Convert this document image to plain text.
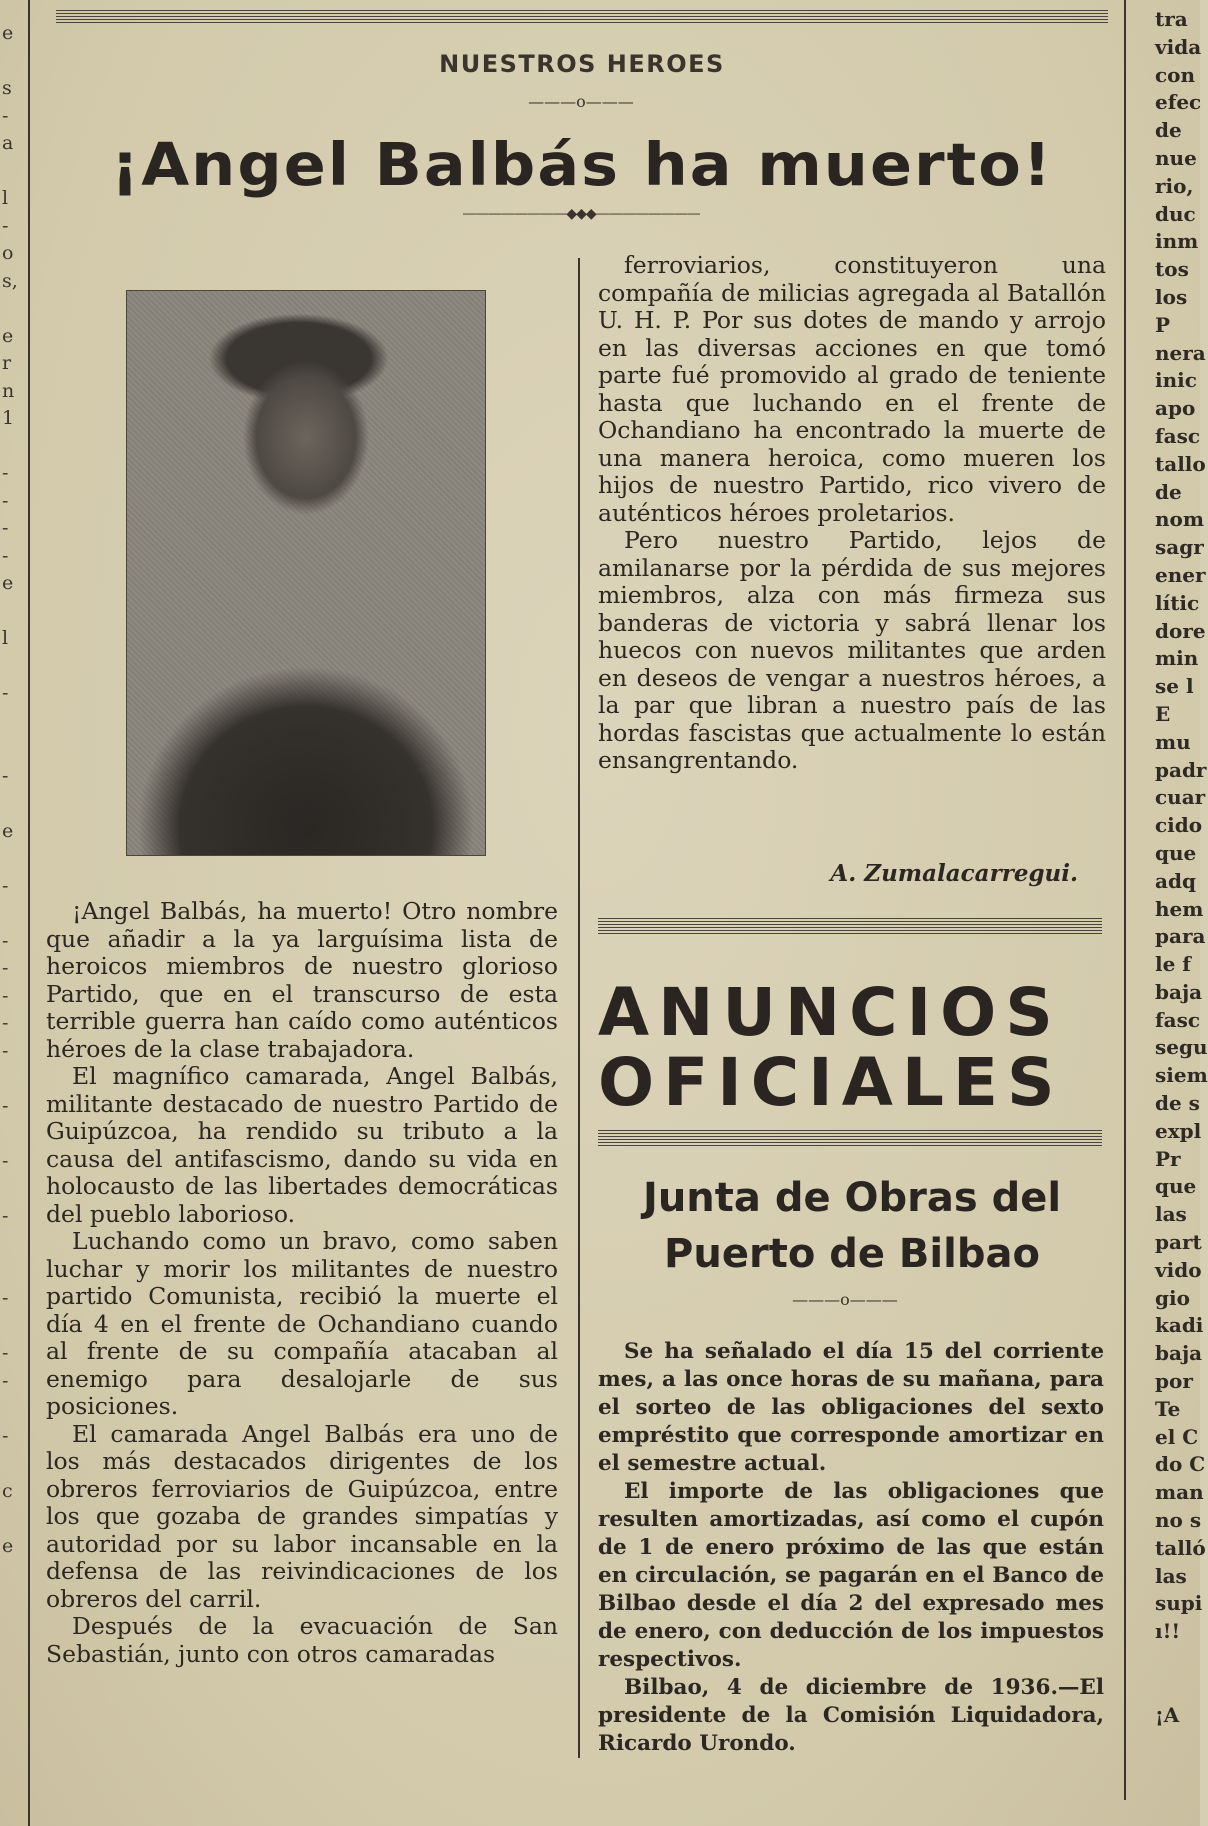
e
s
-
a
l
-
o
s,
e
r
n
1
-
-
-
-
e
l
-
-
e
-
-
-
-
-
-
-
-
-
-
-
-
-
c
e
tra
vida
con
efec
de
nue
rio,
duc
inm
tos
los
P
nera
inic
apo
fasc
tallo
de
nom
sagr
ener
lític
dore
min
se l
E
mu
padr
cuar
cido
que
adq
hem
para
le f
baja
fasc
segu
siem
de s
expl
Pr
que
las
part
vido
gio
kadi
baja
por
Te
el C
do C
man
no s
talló
las
supi
ı!!
¡A
NUESTROS HEROES
———o———
¡Angel Balbás ha muerto!
————————◆◆◆————————

¡Angel Balbás, ha muerto! Otro nombre que añadir a la ya larguísima lista de heroicos miembros de nuestro glorioso Partido, que en el transcurso de esta terrible guerra han caído como auténticos héroes de la clase trabajadora.

El magnífico camarada, Angel Balbás, militante destacado de nuestro Partido de Guipúzcoa, ha rendido su tributo a la causa del antifascismo, dando su vida en holocausto de las libertades democráticas del pueblo laborioso.

Luchando como un bravo, como saben luchar y morir los militantes de nuestro partido Comunista, recibió la muerte el día 4 en el frente de Ochandiano cuando al frente de su compañía atacaban al enemigo para desalojarle de sus posiciones.

El camarada Angel Balbás era uno de los más destacados dirigentes de los obreros ferroviarios de Guipúzcoa, entre los que gozaba de grandes simpatías y autoridad por su labor incansable en la defensa de las reivindicaciones de los obreros del carril.

Después de la evacuación de San Sebastián, junto con otros camaradas

ferroviarios, constituyeron una compañía de milicias agregada al Batallón U. H. P. Por sus dotes de mando y arrojo en las diversas acciones en que tomó parte fué promovido al grado de teniente hasta que luchando en el frente de Ochandiano ha encontrado la muerte de una manera heroica, como mueren los hijos de nuestro Partido, rico vivero de auténticos héroes proletarios.

Pero nuestro Partido, lejos de amilanarse por la pérdida de sus mejores miembros, alza con más firmeza sus banderas de victoria y sabrá llenar los huecos con nuevos militantes que arden en deseos de vengar a nuestros héroes, a la par que libran a nuestro país de las hordas fascistas que actualmente lo están ensangrentando.

A. Zumalacarregui.
ANUNCIOS
OFICIALES
Junta de Obras del
Puerto de Bilbao
———o———

Se ha señalado el día 15 del corriente mes, a las once horas de su mañana, para el sorteo de las obligaciones del sexto empréstito que corresponde amortizar en el semestre actual.

El importe de las obligaciones que resulten amortizadas, así como el cupón de 1 de enero próximo de las que están en circulación, se pagarán en el Banco de Bilbao desde el día 2 del expresado mes de enero, con deducción de los impuestos respectivos.

Bilbao, 4 de diciembre de 1936.—El presidente de la Comisión Liquidadora, Ricardo Urondo.
